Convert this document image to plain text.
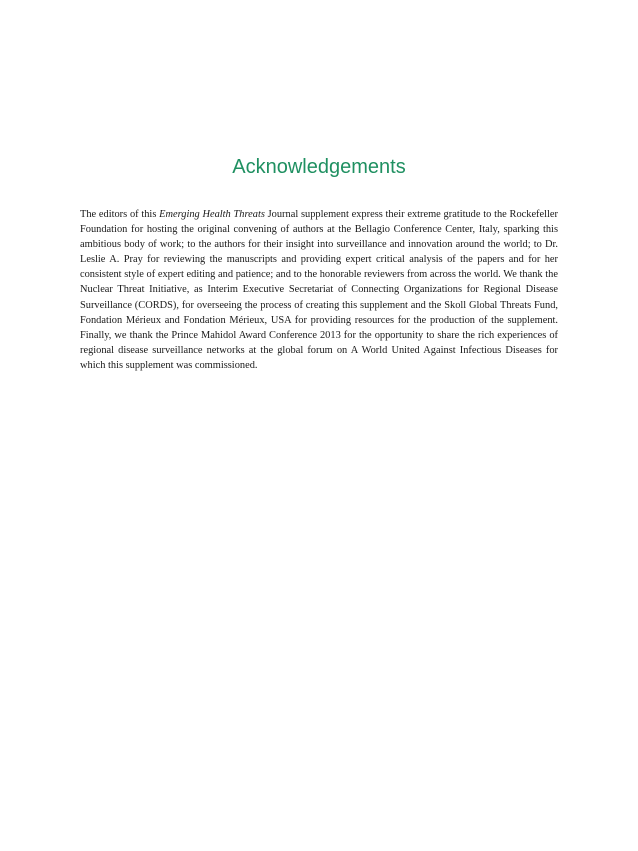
Acknowledgements

The editors of this Emerging Health Threats Journal supplement express their extreme gratitude to the Rockefeller Foundation for hosting the original convening of authors at the Bellagio Conference Center, Italy, sparking this ambitious body of work; to the authors for their insight into surveillance and innovation around the world; to Dr. Leslie A. Pray for reviewing the manuscripts and providing expert critical analysis of the papers and for her consistent style of expert editing and patience; and to the honorable reviewers from across the world. We thank the Nuclear Threat Initiative, as Interim Executive Secretariat of Connecting Organizations for Regional Disease Surveillance (CORDS), for overseeing the process of creating this supplement and the Skoll Global Threats Fund, Fondation Mérieux and Fondation Mérieux, USA for providing resources for the production of the supplement. Finally, we thank the Prince Mahidol Award Conference 2013 for the opportunity to share the rich experiences of regional disease surveillance networks at the global forum on A World United Against Infectious Diseases for which this supplement was commissioned.
